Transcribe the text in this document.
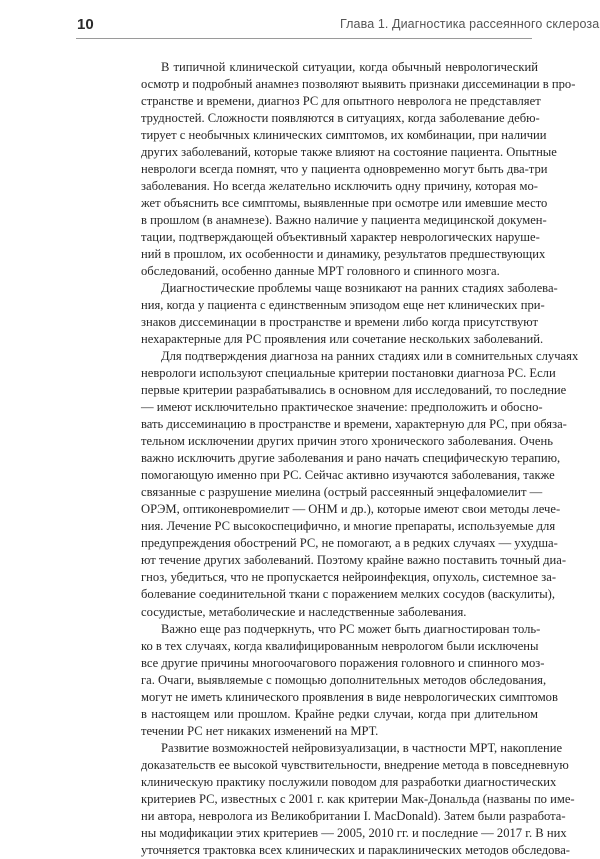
10	Глава 1. Диагностика рассеянного склероза
В типичной клинической ситуации, когда обычный неврологический
осмотр и подробный анамнез позволяют выявить признаки диссеминации в про-
странстве и времени, диагноз РС для опытного невролога не представляет
трудностей. Сложности появляются в ситуациях, когда заболевание дебю-
тирует с необычных клинических симптомов, их комбинации, при наличии
других заболеваний, которые также влияют на состояние пациента. Опытные
неврологи всегда помнят, что у пациента одновременно могут быть два-три
заболевания. Но всегда желательно исключить одну причину, которая мо-
жет объяснить все симптомы, выявленные при осмотре или имевшие место
в прошлом (в анамнезе). Важно наличие у пациента медицинской докумен-
тации, подтверждающей объективный характер неврологических наруше-
ний в прошлом, их особенности и динамику, результатов предшествующих
обследований, особенно данные МРТ головного и спинного мозга.
Диагностические проблемы чаще возникают на ранних стадиях заболева-
ния, когда у пациента с единственным эпизодом еще нет клинических при-
знаков диссеминации в пространстве и времени либо когда присутствуют
нехарактерные для РС проявления или сочетание нескольких заболеваний.
Для подтверждения диагноза на ранних стадиях или в сомнительных случаях
неврологи используют специальные критерии постановки диагноза РС. Если
первые критерии разрабатывались в основном для исследований, то последние
— имеют исключительно практическое значение: предположить и обосно-
вать диссеминацию в пространстве и времени, характерную для РС, при обяза-
тельном исключении других причин этого хронического заболевания. Очень
важно исключить другие заболевания и рано начать специфическую терапию,
помогающую именно при РС. Сейчас активно изучаются заболевания, также
связанные с разрушение миелина (острый рассеянный энцефаломиелит —
ОРЭМ, оптиконевромиелит — ОНМ и др.), которые имеют свои методы лече-
ния. Лечение РС высокоспецифично, и многие препараты, используемые для
предупреждения обострений РС, не помогают, а в редких случаях — ухудша-
ют течение других заболеваний. Поэтому крайне важно поставить точный диа-
гноз, убедиться, что не пропускается нейроинфекция, опухоль, системное за-
болевание соединительной ткани с поражением мелких сосудов (васкулиты),
сосудистые, метаболические и наследственные заболевания.
Важно еще раз подчеркнуть, что РС может быть диагностирован толь-
ко в тех случаях, когда квалифицированным неврологом были исключены
все другие причины многоочагового поражения головного и спинного моз-
га. Очаги, выявляемые с помощью дополнительных методов обследования,
могут не иметь клинического проявления в виде неврологических симптомов
в настоящем или прошлом. Крайне редки случаи, когда при длительном
течении РС нет никаких изменений на МРТ.
Развитие возможностей нейровизуализации, в частности МРТ, накопление
доказательств ее высокой чувствительности, внедрение метода в повседневную
клиническую практику послужили поводом для разработки диагностических
критериев РС, известных с 2001 г. как критерии Мак-Дональда (названы по име-
ни автора, невролога из Великобритании I. MacDonald). Затем были разработа-
ны модификации этих критериев — 2005, 2010 гг. и последние — 2017 г. В них
уточняется трактовка всех клинических и параклинических методов обследова-
